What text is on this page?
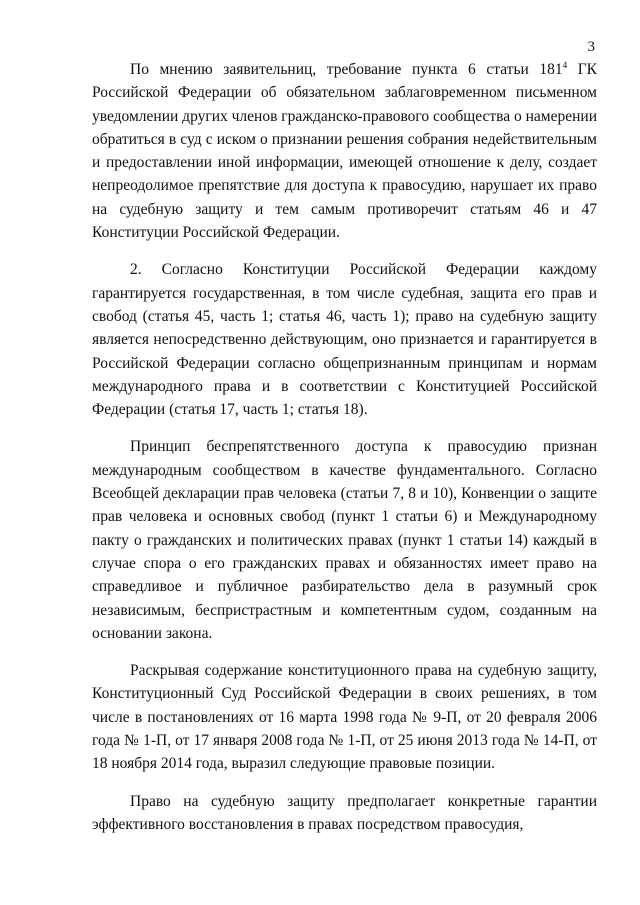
3

По мнению заявительниц, требование пункта 6 статьи $181^4$ ГК Российской Федерации об обязательном заблаговременном письменном уведомлении других членов гражданско-правового сообщества о намерении обратиться в суд с иском о признании решения собрания недействительным и предоставлении иной информации, имеющей отношение к делу, создает непреодолимое препятствие для доступа к правосудию, нарушает их право на судебную защиту и тем самым противоречит статьям 46 и 47 Конституции Российской Федерации.

2. Согласно Конституции Российской Федерации каждому гарантируется государственная, в том числе судебная, защита его прав и свобод (статья 45, часть 1; статья 46, часть 1); право на судебную защиту является непосредственно действующим, оно признается и гарантируется в Российской Федерации согласно общепризнанным принципам и нормам международного права и в соответствии с Конституцией Российской Федерации (статья 17, часть 1; статья 18).

Принцип беспрепятственного доступа к правосудию признан международным сообществом в качестве фундаментального. Согласно Всеобщей декларации прав человека (статьи 7, 8 и 10), Конвенции о защите прав человека и основных свобод (пункт 1 статьи 6) и Международному пакту о гражданских и политических правах (пункт 1 статьи 14) каждый в случае спора о его гражданских правах и обязанностях имеет право на справедливое и публичное разбирательство дела в разумный срок независимым, беспристрастным и компетентным судом, созданным на основании закона.

Раскрывая содержание конституционного права на судебную защиту, Конституционный Суд Российской Федерации в своих решениях, в том числе в постановлениях от 16 марта 1998 года № 9-П, от 20 февраля 2006 года № 1-П, от 17 января 2008 года № 1-П, от 25 июня 2013 года № 14-П, от 18 ноября 2014 года, выразил следующие правовые позиции.

Право на судебную защиту предполагает конкретные гарантии эффективного восстановления в правах посредством правосудия,
